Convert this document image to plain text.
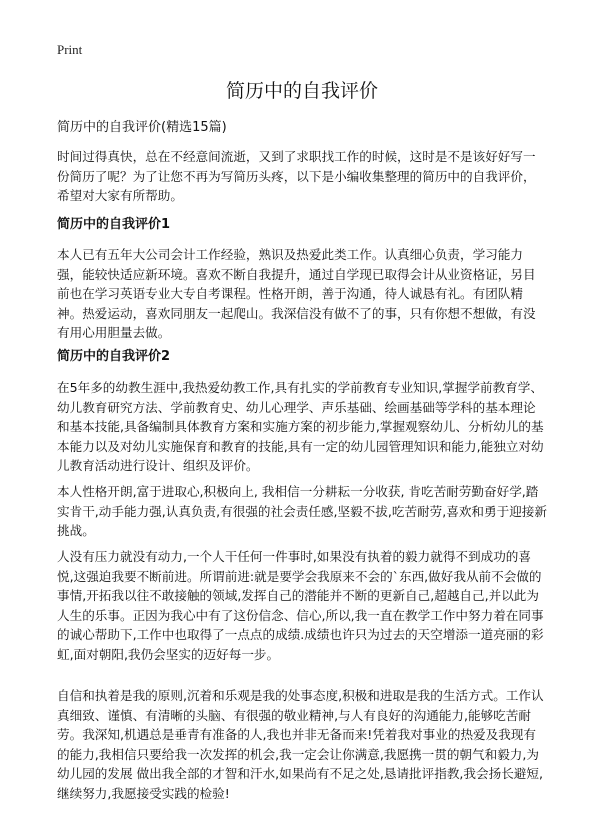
Print
简历中的自我评价
简历中的自我评价(精选15篇)

时间过得真快，总在不经意间流逝，又到了求职找工作的时候，这时是不是该好好写一份简历了呢？为了让您不再为写简历头疼，以下是小编收集整理的简历中的自我评价，希望对大家有所帮助。

简历中的自我评价1

本人已有五年大公司会计工作经验，熟识及热爱此类工作。认真细心负责，学习能力强，能较快适应新环境。喜欢不断自我提升，通过自学现已取得会计从业资格证，另目前也在学习英语专业大专自考课程。性格开朗，善于沟通，待人诚恳有礼。有团队精神。热爱运动，喜欢同朋友一起爬山。我深信没有做不了的事，只有你想不想做，有没有用心用胆量去做。

简历中的自我评价2

在5年多的幼教生涯中,我热爱幼教工作,具有扎实的学前教育专业知识,掌握学前教育学、幼儿教育研究方法、学前教育史、幼儿心理学、声乐基础、绘画基础等学科的基本理论和基本技能,具备编制具体教育方案和实施方案的初步能力,掌握观察幼儿、分析幼儿的基本能力以及对幼儿实施保育和教育的技能,具有一定的幼儿园管理知识和能力,能独立对幼儿教育活动进行设计、组织及评价。

本人性格开朗,富于进取心,积极向上, 我相信一分耕耘一分收获, 肯吃苦耐劳勤奋好学,踏实肯干,动手能力强,认真负责,有很强的社会责任感,坚毅不拔,吃苦耐劳,喜欢和勇于迎接新挑战。

人没有压力就没有动力,一个人干任何一件事时,如果没有执着的毅力就得不到成功的喜悦,这强迫我要不断前进。所谓前进:就是要学会我原来不会的`东西,做好我从前不会做的事情,开拓我以往不敢接触的领域,发挥自己的潜能并不断的更新自己,超越自己,并以此为人生的乐事。正因为我心中有了这份信念、信心,所以,我一直在教学工作中努力着在同事的诚心帮助下,工作中也取得了一点点的成绩.成绩也许只为过去的天空增添一道亮丽的彩虹,面对朝阳,我仍会坚实的迈好每一步。

自信和执着是我的原则,沉着和乐观是我的处事态度,积极和进取是我的生活方式。工作认真细致、谨慎、有清晰的头脑、有很强的敬业精神,与人有良好的沟通能力,能够吃苦耐劳。我深知,机遇总是垂青有准备的人,我也并非无备而来!凭着我对事业的热爱及我现有的能力,我相信只要给我一次发挥的机会,我一定会让你满意,我愿携一贯的朝气和毅力,为幼儿园的发展 做出我全部的才智和汗水,如果尚有不足之处,恳请批评指教,我会扬长避短,继续努力,我愿接受实践的检验!
